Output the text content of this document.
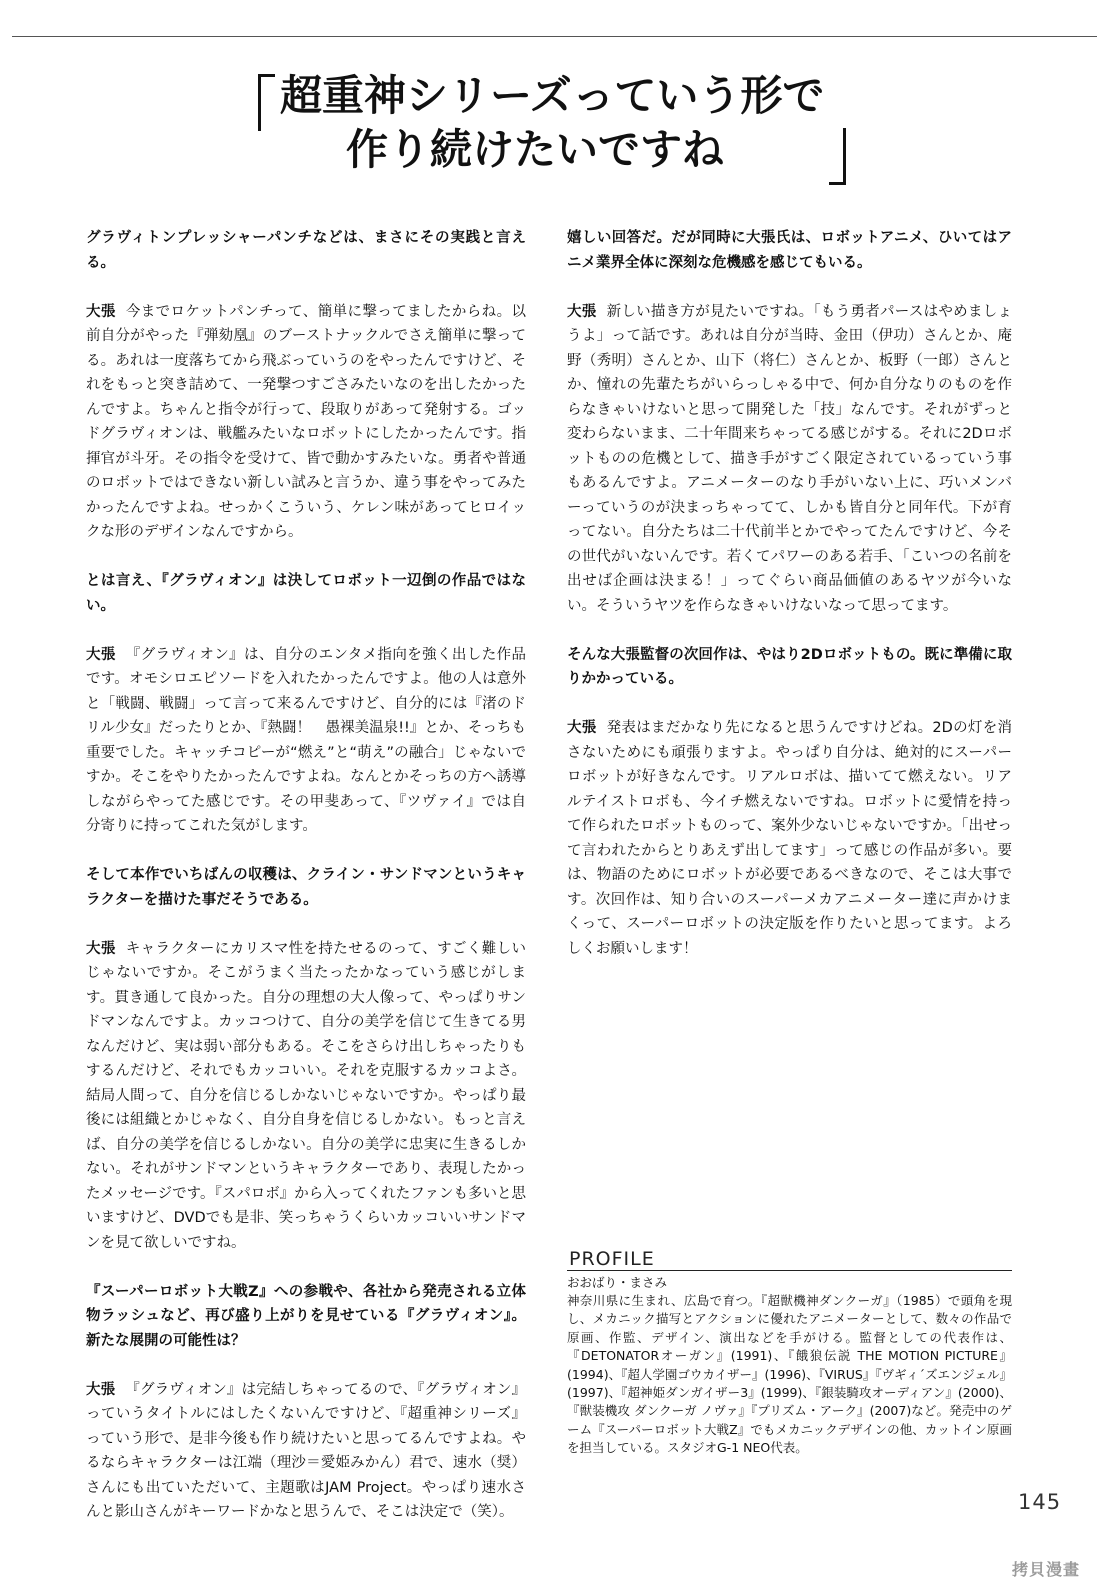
超重神シリーズっていう形で
作り続けたいですね

グラヴィトンプレッシャーパンチなどは、まさにその実践と言える。

大張 今までロケットパンチって、簡単に撃ってましたからね。以前自分がやった『弾劾凰』のブーストナックルでさえ簡単に撃ってる。あれは一度落ちてから飛ぶっていうのをやったんですけど、それをもっと突き詰めて、一発撃つすごさみたいなのを出したかったんですよ。ちゃんと指令が行って、段取りがあって発射する。ゴッドグラヴィオンは、戦艦みたいなロボットにしたかったんです。指揮官が斗牙。その指令を受けて、皆で動かすみたいな。勇者や普通のロボットではできない新しい試みと言うか、違う事をやってみたかったんですよね。せっかくこういう、ケレン味があってヒロイックな形のデザインなんですから。

とは言え、『グラヴィオン』は決してロボット一辺倒の作品ではない。

大張 『グラヴィオン』は、自分のエンタメ指向を強く出した作品です。オモシロエピソードを入れたかったんですよ。他の人は意外と「戦闘、戦闘」って言って来るんですけど、自分的には『渚のドリル少女』だったりとか、『熱闘！　愚裸美温泉!!』とか、そっちも重要でした。キャッチコピーが“燃え”と“萌え”の融合」じゃないですか。そこをやりたかったんですよね。なんとかそっちの方へ誘導しながらやってた感じです。その甲斐あって、『ツヴァイ』では自分寄りに持ってこれた気がします。

そして本作でいちばんの収穫は、クライン・サンドマンというキャラクターを描けた事だそうである。

大張 キャラクターにカリスマ性を持たせるのって、すごく難しいじゃないですか。そこがうまく当たったかなっていう感じがします。貫き通して良かった。自分の理想の大人像って、やっぱりサンドマンなんですよ。カッコつけて、自分の美学を信じて生きてる男なんだけど、実は弱い部分もある。そこをさらけ出しちゃったりもするんだけど、それでもカッコいい。それを克服するカッコよさ。結局人間って、自分を信じるしかないじゃないですか。やっぱり最後には組織とかじゃなく、自分自身を信じるしかない。もっと言えば、自分の美学を信じるしかない。自分の美学に忠実に生きるしかない。それがサンドマンというキャラクターであり、表現したかったメッセージです。『スパロボ』から入ってくれたファンも多いと思いますけど、DVDでも是非、笑っちゃうくらいカッコいいサンドマンを見て欲しいですね。

『スーパーロボット大戦Z』への参戦や、各社から発売される立体物ラッシュなど、再び盛り上がりを見せている『グラヴィオン』。新たな展開の可能性は？

大張 『グラヴィオン』は完結しちゃってるので、『グラヴィオン』っていうタイトルにはしたくないんですけど、『超重神シリーズ』っていう形で、是非今後も作り続けたいと思ってるんですよね。やるならキャラクターは江端（理沙＝愛姫みかん）君で、速水（奨）さんにも出ていただいて、主題歌はJAM Project。やっぱり速水さんと影山さんがキーワードかなと思うんで、そこは決定で（笑）。

嬉しい回答だ。だが同時に大張氏は、ロボットアニメ、ひいてはアニメ業界全体に深刻な危機感を感じてもいる。

大張 新しい描き方が見たいですね。「もう勇者パースはやめましょうよ」って話です。あれは自分が当時、金田（伊功）さんとか、庵野（秀明）さんとか、山下（将仁）さんとか、板野（一郎）さんとか、憧れの先輩たちがいらっしゃる中で、何か自分なりのものを作らなきゃいけないと思って開発した「技」なんです。それがずっと変わらないまま、二十年間来ちゃってる感じがする。それに2Dロボットものの危機として、描き手がすごく限定されているっていう事もあるんですよ。アニメーターのなり手がいない上に、巧いメンバーっていうのが決まっちゃってて、しかも皆自分と同年代。下が育ってない。自分たちは二十代前半とかでやってたんですけど、今その世代がいないんです。若くてパワーのある若手、「こいつの名前を出せば企画は決まる！」ってぐらい商品価値のあるヤツが今いない。そういうヤツを作らなきゃいけないなって思ってます。

そんな大張監督の次回作は、やはり2Dロボットもの。既に準備に取りかかっている。

大張 発表はまだかなり先になると思うんですけどね。2Dの灯を消さないためにも頑張りますよ。やっぱり自分は、絶対的にスーパーロボットが好きなんです。リアルロボは、描いてて燃えない。リアルテイストロボも、今イチ燃えないですね。ロボットに愛情を持って作られたロボットものって、案外少ないじゃないですか。「出せって言われたからとりあえず出してます」って感じの作品が多い。要は、物語のためにロボットが必要であるべきなので、そこは大事です。次回作は、知り合いのスーパーメカアニメーター達に声かけまくって、スーパーロボットの決定版を作りたいと思ってます。よろしくお願いします！

PROFILE
おおばり・まさみ
神奈川県に生まれ、広島で育つ。『超獣機神ダンクーガ』（1985）で頭角を現し、メカニック描写とアクションに優れたアニメーターとして、数々の作品で原画、作監、デザイン、演出などを手がける。監督としての代表作は、『DETONATORオーガン』(1991)、『餓狼伝説 THE MOTION PICTURE』(1994)、『超人学園ゴウカイザー』(1996)、『VIRUS』『ヴギィ´ズエンジェル』(1997)、『超神姫ダンガイザー3』(1999)、『銀装騎攻オーディアン』(2000)、『獣装機攻 ダンクーガ ノヴァ』『プリズム・アーク』(2007)など。発売中のゲーム『スーパーロボット大戦Z』でもメカニックデザインの他、カットイン原画を担当している。スタジオG-1 NEO代表。
145
拷貝漫畫
